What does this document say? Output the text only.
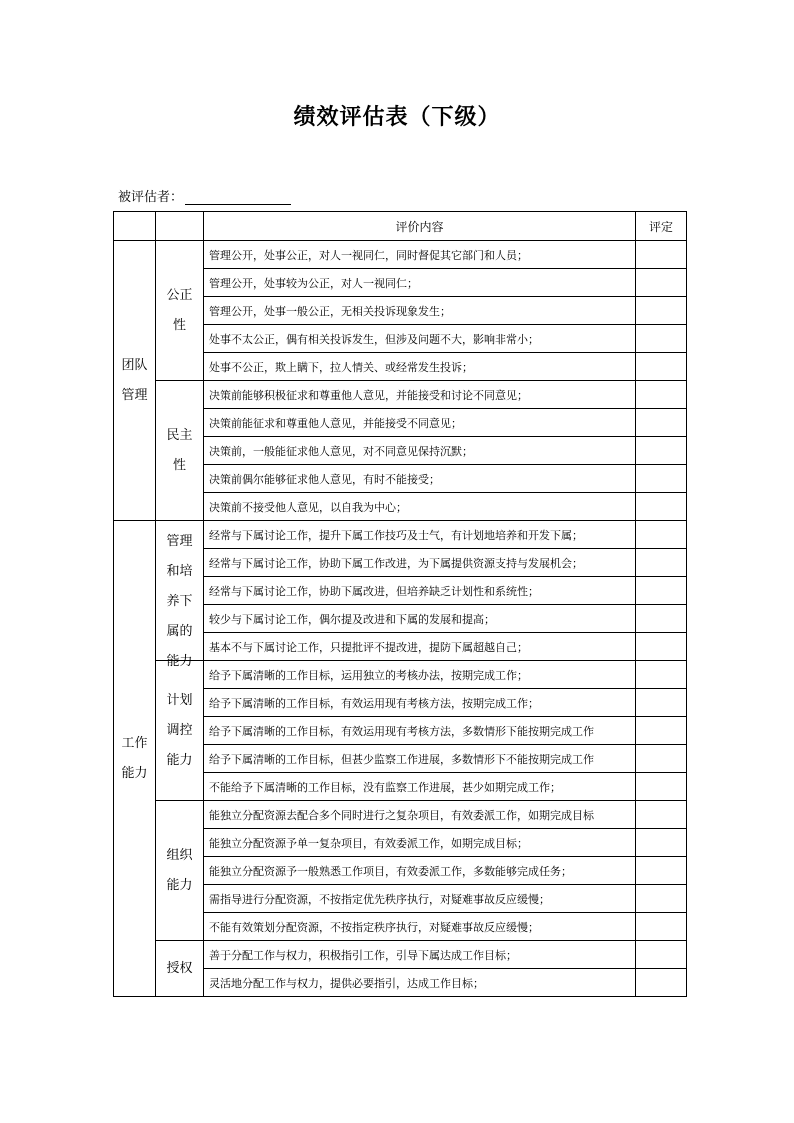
绩效评估表（下级）
被评估者：
		评价内容	评定
团队管理	公正性	管理公开，处事公正，对人一视同仁，同时督促其它部门和人员；	
		管理公开，处事较为公正，对人一视同仁；	
		管理公开，处事一般公正，无相关投诉现象发生；	
		处事不太公正，偶有相关投诉发生，但涉及问题不大，影响非常小；	
		处事不公正，欺上瞒下，拉人情关、或经常发生投诉；	
	民主性	决策前能够积极征求和尊重他人意见，并能接受和讨论不同意见；	
		决策前能征求和尊重他人意见，并能接受不同意见；	
		决策前，一般能征求他人意见，对不同意见保持沉默；	
		决策前偶尔能够征求他人意见，有时不能接受；	
		决策前不接受他人意见，以自我为中心；	
工作能力	管理和培养下属的能力	经常与下属讨论工作，提升下属工作技巧及士气，有计划地培养和开发下属；	
		经常与下属讨论工作，协助下属工作改进，为下属提供资源支持与发展机会；	
		经常与下属讨论工作，协助下属改进，但培养缺乏计划性和系统性；	
		较少与下属讨论工作，偶尔提及改进和下属的发展和提高；	
		基本不与下属讨论工作，只提批评不提改进，提防下属超越自己；	
	计划调控能力	给予下属清晰的工作目标，运用独立的考核办法，按期完成工作；	
		给予下属清晰的工作目标，有效运用现有考核方法，按期完成工作；	
		给予下属清晰的工作目标，有效运用现有考核方法，多数情形下能按期完成工作	
		给予下属清晰的工作目标，但甚少监察工作进展，多数情形下不能按期完成工作	
		不能给予下属清晰的工作目标，没有监察工作进展，甚少如期完成工作；	
	组织能力	能独立分配资源去配合多个同时进行之复杂项目，有效委派工作，如期完成目标	
		能独立分配资源予单一复杂项目，有效委派工作，如期完成目标；	
		能独立分配资源予一般熟悉工作项目，有效委派工作，多数能够完成任务；	
		需指导进行分配资源，不按指定优先秩序执行，对疑难事故反应缓慢；	
		不能有效策划分配资源，不按指定秩序执行，对疑难事故反应缓慢；	
	授权	善于分配工作与权力，积极指引工作，引导下属达成工作目标；	
		灵活地分配工作与权力，提供必要指引，达成工作目标；	
